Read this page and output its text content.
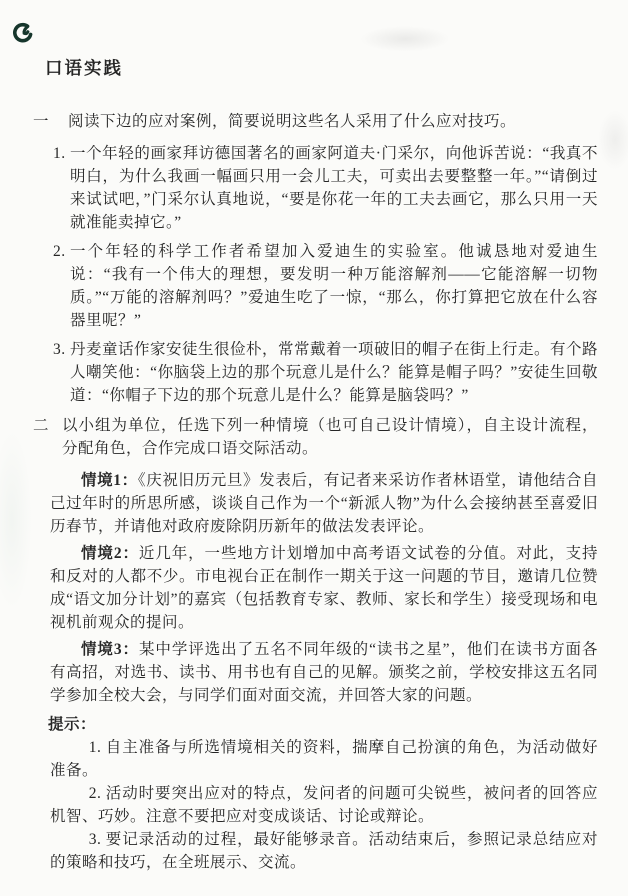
口语实践
一	阅读下边的应对案例，简要说明这些名人采用了什么应对技巧。

1. 一个年轻的画家拜访德国著名的画家阿道夫·门采尔，向他诉苦说：“我真不明白，为什么我画一幅画只用一会儿工夫，可卖出去要整整一年。”“请倒过来试试吧，”门采尔认真地说，“要是你花一年的工夫去画它，那么只用一天就准能卖掉它。”

2. 一个年轻的科学工作者希望加入爱迪生的实验室。他诚恳地对爱迪生说：“我有一个伟大的理想，要发明一种万能溶解剂——它能溶解一切物质。”“万能的溶解剂吗？”爱迪生吃了一惊，“那么，你打算把它放在什么容器里呢？”

3. 丹麦童话作家安徒生很俭朴，常常戴着一项破旧的帽子在街上行走。有个路人嘲笑他：“你脑袋上边的那个玩意儿是什么？能算是帽子吗？”安徒生回敬道：“你帽子下边的那个玩意儿是什么？能算是脑袋吗？”

二 以小组为单位，任选下列一种情境（也可自己设计情境），自主设计流程，分配角色，合作完成口语交际活动。

情境1：《庆祝旧历元旦》发表后，有记者来采访作者林语堂，请他结合自己过年时的所思所感，谈谈自己作为一个“新派人物”为什么会接纳甚至喜爱旧历春节，并请他对政府废除阴历新年的做法发表评论。

情境2：近几年，一些地方计划增加中高考语文试卷的分值。对此，支持和反对的人都不少。市电视台正在制作一期关于这一问题的节目，邀请几位赞成“语文加分计划”的嘉宾（包括教育专家、教师、家长和学生）接受现场和电视机前观众的提问。

情境3：某中学评选出了五名不同年级的“读书之星”，他们在读书方面各有高招，对选书、读书、用书也有自己的见解。颁奖之前，学校安排这五名同学参加全校大会，与同学们面对面交流，并回答大家的问题。

提示：

1. 自主准备与所选情境相关的资料，揣摩自己扮演的角色，为活动做好准备。

2. 活动时要突出应对的特点，发问者的问题可尖锐些，被问者的回答应机智、巧妙。注意不要把应对变成谈话、讨论或辩论。

3. 要记录活动的过程，最好能够录音。活动结束后，参照记录总结应对的策略和技巧，在全班展示、交流。
